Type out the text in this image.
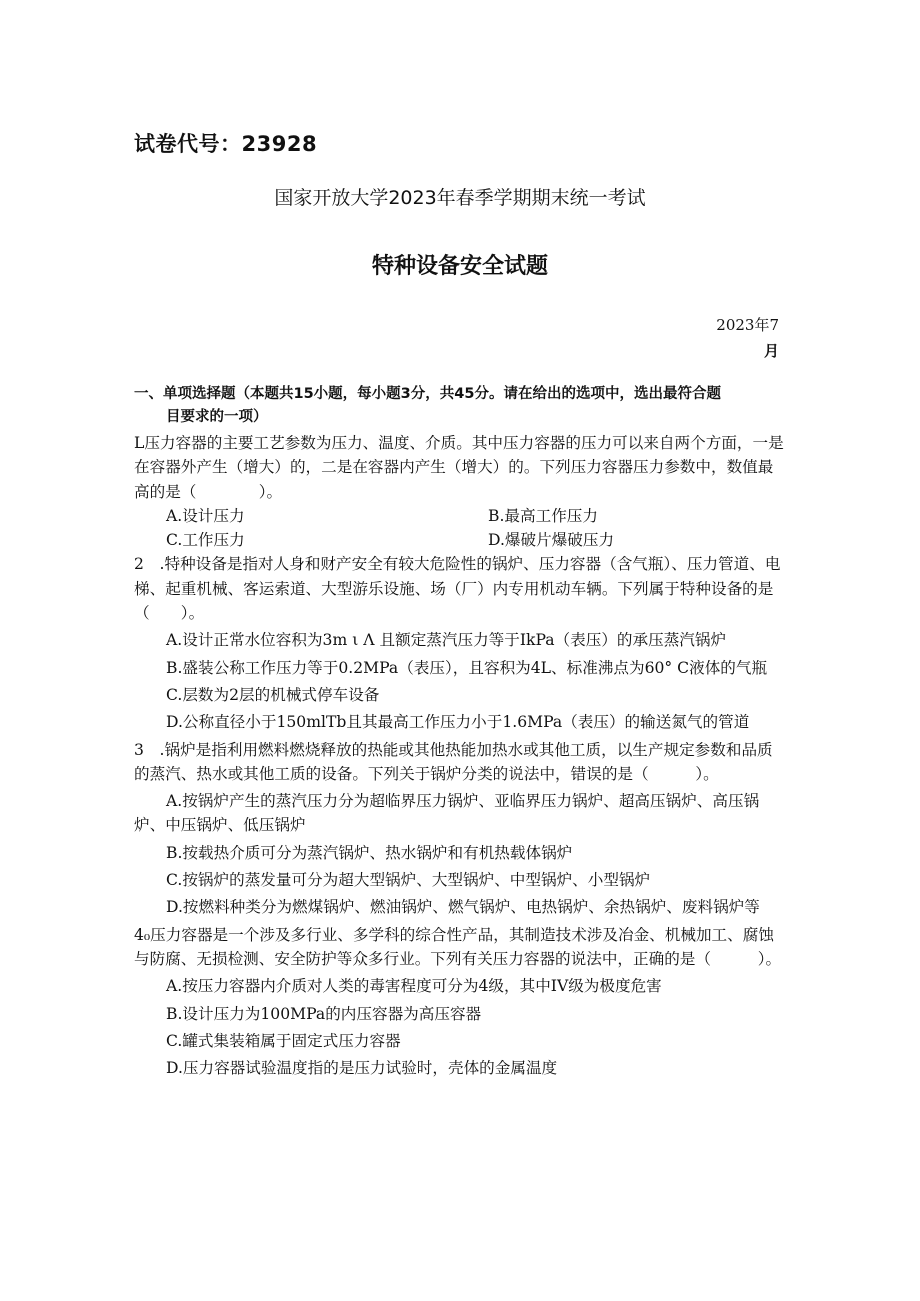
试卷代号：23928
国家开放大学2023年春季学期期末统一考试
特种设备安全试题
2023年7
月
一、单项选择题（本题共15小题，每小题3分，共45分。请在给出的选项中，选出最符合题
目要求的一项）

L压力容器的主要工艺参数为压力、温度、介质。其中压力容器的压力可以来自两个方面，一是在容器外产生（增大）的，二是在容器内产生（增大）的。下列压力容器压力参数中，数值最高的是（　　　　）。

A.设计压力	B.最高工作压力
C.工作压力	D.爆破片爆破压力

2　.特种设备是指对人身和财产安全有较大危险性的锅炉、压力容器（含气瓶）、压力管道、电梯、起重机械、客运索道、大型游乐设施、场（厂）内专用机动车辆。下列属于特种设备的是（　　）。

A.设计正常水位容积为3m ι Λ 且额定蒸汽压力等于IkPa（表压）的承压蒸汽锅炉

B.盛装公称工作压力等于0.2MPa（表压），且容积为4L、标准沸点为60° C液体的气瓶

C.层数为2层的机械式停车设备

D.公称直径小于150mlTb且其最高工作压力小于1.6MPa（表压）的输送氮气的管道

3　.锅炉是指利用燃料燃烧释放的热能或其他热能加热水或其他工质，以生产规定参数和品质的蒸汽、热水或其他工质的设备。下列关于锅炉分类的说法中，错误的是（　　　）。

A.按锅炉产生的蒸汽压力分为超临界压力锅炉、亚临界压力锅炉、超高压锅炉、高压锅炉、中压锅炉、低压锅炉

B.按载热介质可分为蒸汽锅炉、热水锅炉和有机热载体锅炉

C.按锅炉的蒸发量可分为超大型锅炉、大型锅炉、中型锅炉、小型锅炉

D.按燃料种类分为燃煤锅炉、燃油锅炉、燃气锅炉、电热锅炉、余热锅炉、废料锅炉等

4₀压力容器是一个涉及多行业、多学科的综合性产品，其制造技术涉及冶金、机械加工、腐蚀与防腐、无损检测、安全防护等众多行业。下列有关压力容器的说法中，正确的是（　　　）。

A.按压力容器内介质对人类的毒害程度可分为4级，其中IV级为极度危害

B.设计压力为100MPa的内压容器为高压容器

C.罐式集装箱属于固定式压力容器

D.压力容器试验温度指的是压力试验时，壳体的金属温度
